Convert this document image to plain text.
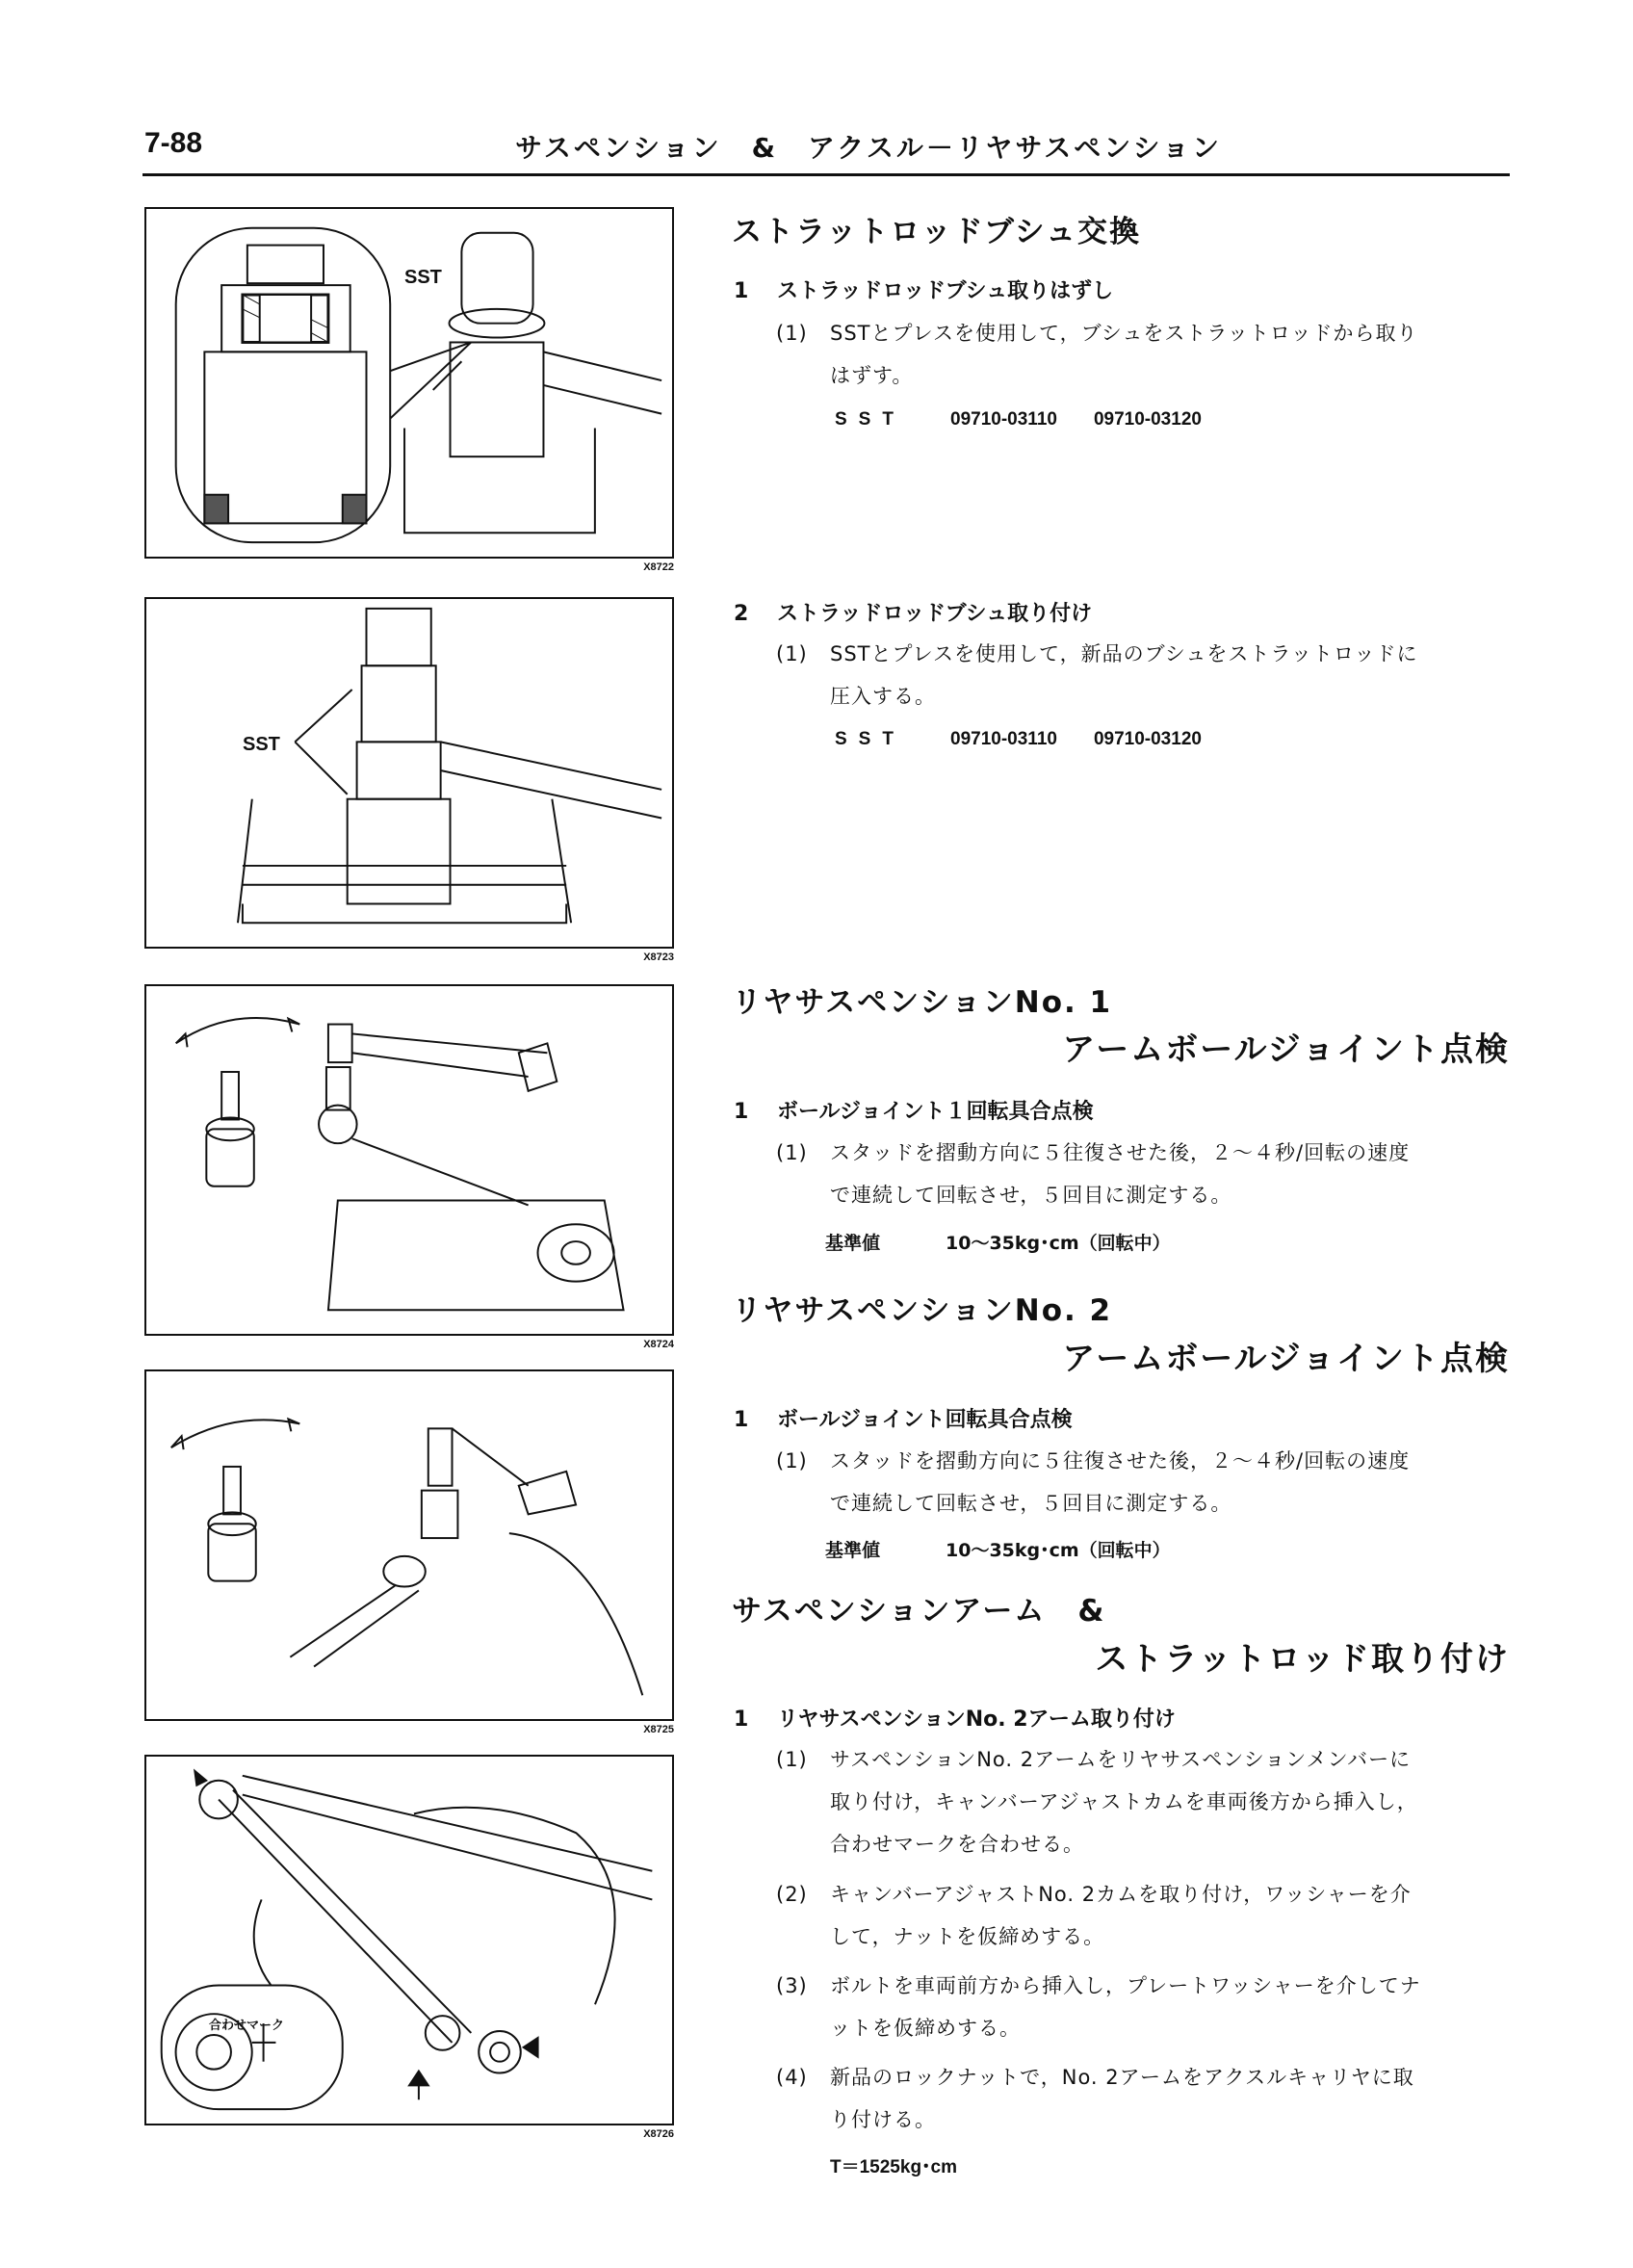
7-88	サスペンション　&　アクスル－リヤサスペンション
SST
X8722
SST
X8723
X8724
X8725
合わせマーク
X8726
ストラットロッドブシュ交換
1 ストラッドロッドブシュ取りはずし
(1) SSTとプレスを使用して，ブシュをストラットロッドから取り
はずす。
SST 09710-03110 09710-03120
2 ストラッドロッドブシュ取り付け
(1) SSTとプレスを使用して，新品のブシュをストラットロッドに
圧入する。
SST 09710-03110 09710-03120
リヤサスペンションNo. 1
アームボールジョイント点検
1 ボールジョイント１回転具合点検
(1) スタッドを摺動方向に５往復させた後，２～４秒/回転の速度
で連続して回転させ，５回目に測定する。
基準値	10～35kg･cm（回転中）
リヤサスペンションNo. 2
アームボールジョイント点検
1 ボールジョイント回転具合点検
(1) スタッドを摺動方向に５往復させた後，２～４秒/回転の速度
で連続して回転させ，５回目に測定する。
基準値	10～35kg･cm（回転中）
サスペンションアーム　&
ストラットロッド取り付け
1 リヤサスペンションNo. 2アーム取り付け
(1) サスペンションNo. 2アームをリヤサスペンションメンバーに
取り付け，キャンバーアジャストカムを車両後方から挿入し，
合わせマークを合わせる。
(2) キャンバーアジャストNo. 2カムを取り付け，ワッシャーを介
して，ナットを仮締めする。
(3) ボルトを車両前方から挿入し，プレートワッシャーを介してナ
ットを仮締めする。
(4) 新品のロックナットで，No. 2アームをアクスルキャリヤに取
り付ける。
T＝1525kg･cm
